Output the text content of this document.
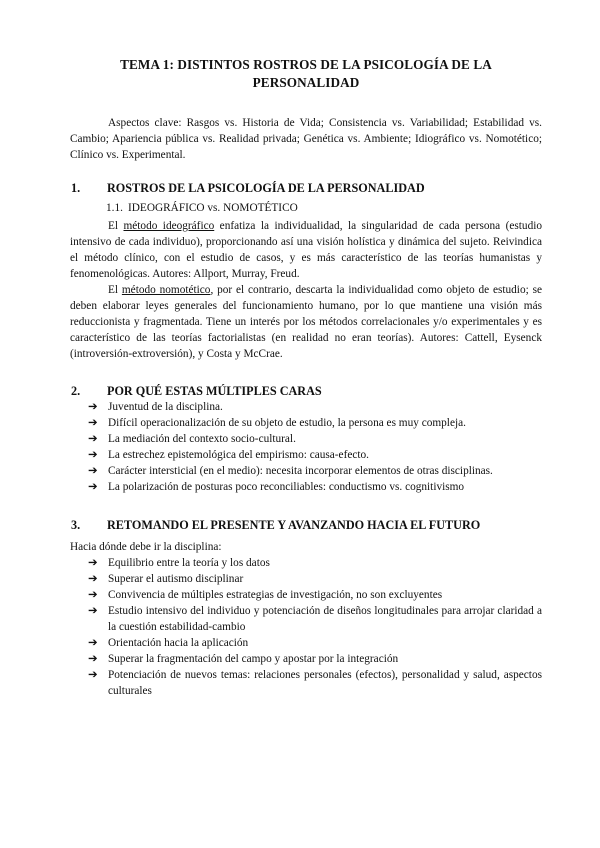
TEMA 1: DISTINTOS ROSTROS DE LA PSICOLOGÍA DE LA PERSONALIDAD

Aspectos clave: Rasgos vs. Historia de Vida; Consistencia vs. Variabilidad; Estabilidad vs. Cambio; Apariencia pública vs. Realidad privada; Genética vs. Ambiente; Idiográfico vs. Nomotético; Clínico vs. Experimental.

1.	ROSTROS DE LA PSICOLOGÍA DE LA PERSONALIDAD
1.1. IDEOGRÁFICO vs. NOMOTÉTICO

El método ideográfico enfatiza la individualidad, la singularidad de cada persona (estudio intensivo de cada individuo), proporcionando así una visión holística y dinámica del sujeto. Reivindica el método clínico, con el estudio de casos, y es más característico de las teorías humanistas y fenomenológicas. Autores: Allport, Murray, Freud.

El método nomotético, por el contrario, descarta la individualidad como objeto de estudio; se deben elaborar leyes generales del funcionamiento humano, por lo que mantiene una visión más reduccionista y fragmentada. Tiene un interés por los métodos correlacionales y/o experimentales y es característico de las teorías factorialistas (en realidad no eran teorías). Autores: Cattell, Eysenck (introversión-extroversión), y Costa y McCrae.

2.	POR QUÉ ESTAS MÚLTIPLES CARAS
➔ Juventud de la disciplina.
➔ Difícil operacionalización de su objeto de estudio, la persona es muy compleja.
➔ La mediación del contexto socio-cultural.
➔ La estrechez epistemológica del empirismo: causa-efecto.
➔ Carácter intersticial (en el medio): necesita incorporar elementos de otras disciplinas.
➔ La polarización de posturas poco reconciliables: conductismo vs. cognitivismo
3.	RETOMANDO EL PRESENTE Y AVANZANDO HACIA EL FUTURO

Hacia dónde debe ir la disciplina:

➔ Equilibrio entre la teoría y los datos
➔ Superar el autismo disciplinar
➔ Convivencia de múltiples estrategias de investigación, no son excluyentes
➔ Estudio intensivo del individuo y potenciación de diseños longitudinales para arrojar claridad a la cuestión estabilidad-cambio
➔ Orientación hacia la aplicación
➔ Superar la fragmentación del campo y apostar por la integración
➔ Potenciación de nuevos temas: relaciones personales (efectos), personalidad y salud, aspectos culturales
